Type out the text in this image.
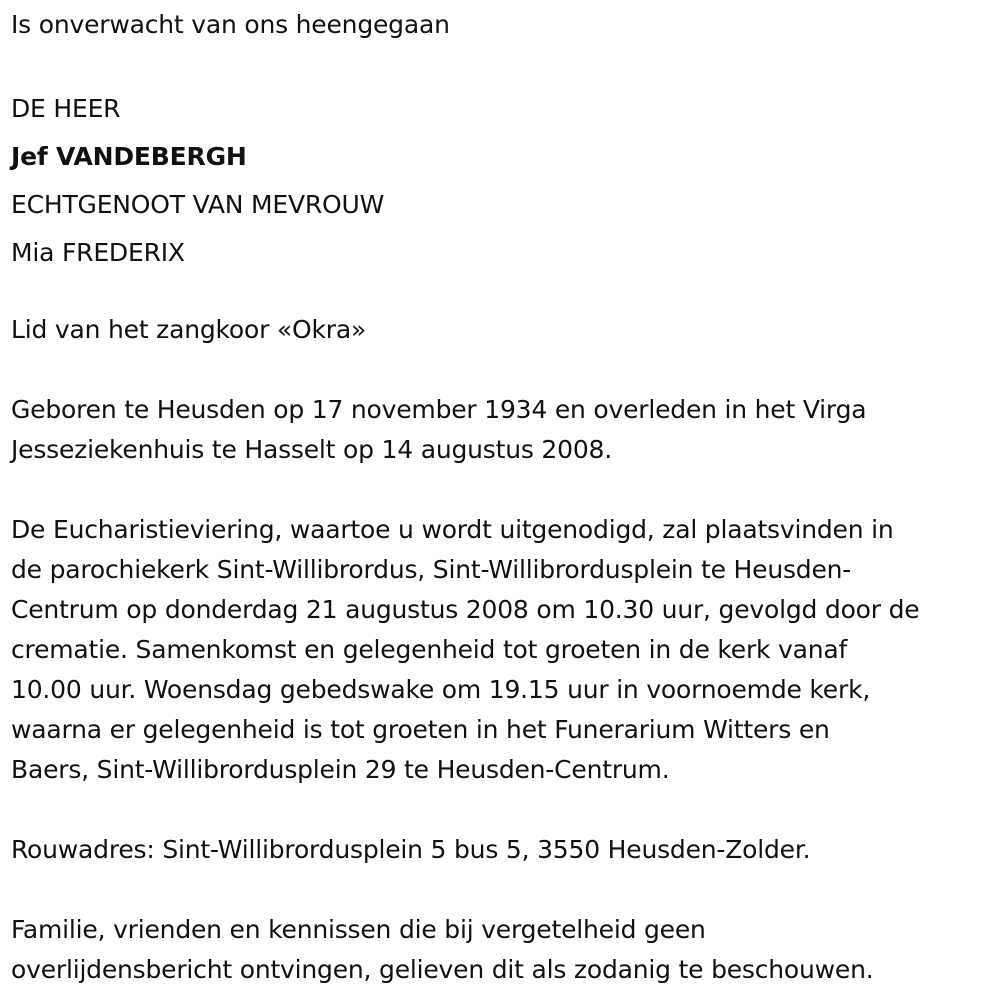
Is onverwacht van ons heengegaan
DE HEER
Jef VANDEBERGH
ECHTGENOOT VAN MEVROUW
Mia FREDERIX
Lid van het zangkoor «Okra»
Geboren te Heusden op 17 november 1934 en overleden in het Virga
Jesseziekenhuis te Hasselt op 14 augustus 2008.
De Eucharistieviering, waartoe u wordt uitgenodigd, zal plaatsvinden in
de parochiekerk Sint-Willibrordus, Sint-Willibrordusplein te Heusden-
Centrum op donderdag 21 augustus 2008 om 10.30 uur, gevolgd door de
crematie. Samenkomst en gelegenheid tot groeten in de kerk vanaf
10.00 uur. Woensdag gebedswake om 19.15 uur in voornoemde kerk,
waarna er gelegenheid is tot groeten in het Funerarium Witters en
Baers, Sint-Willibrordusplein 29 te Heusden-Centrum.
Rouwadres: Sint-Willibrordusplein 5 bus 5, 3550 Heusden-Zolder.
Familie, vrienden en kennissen die bij vergetelheid geen
overlijdensbericht ontvingen, gelieven dit als zodanig te beschouwen.
